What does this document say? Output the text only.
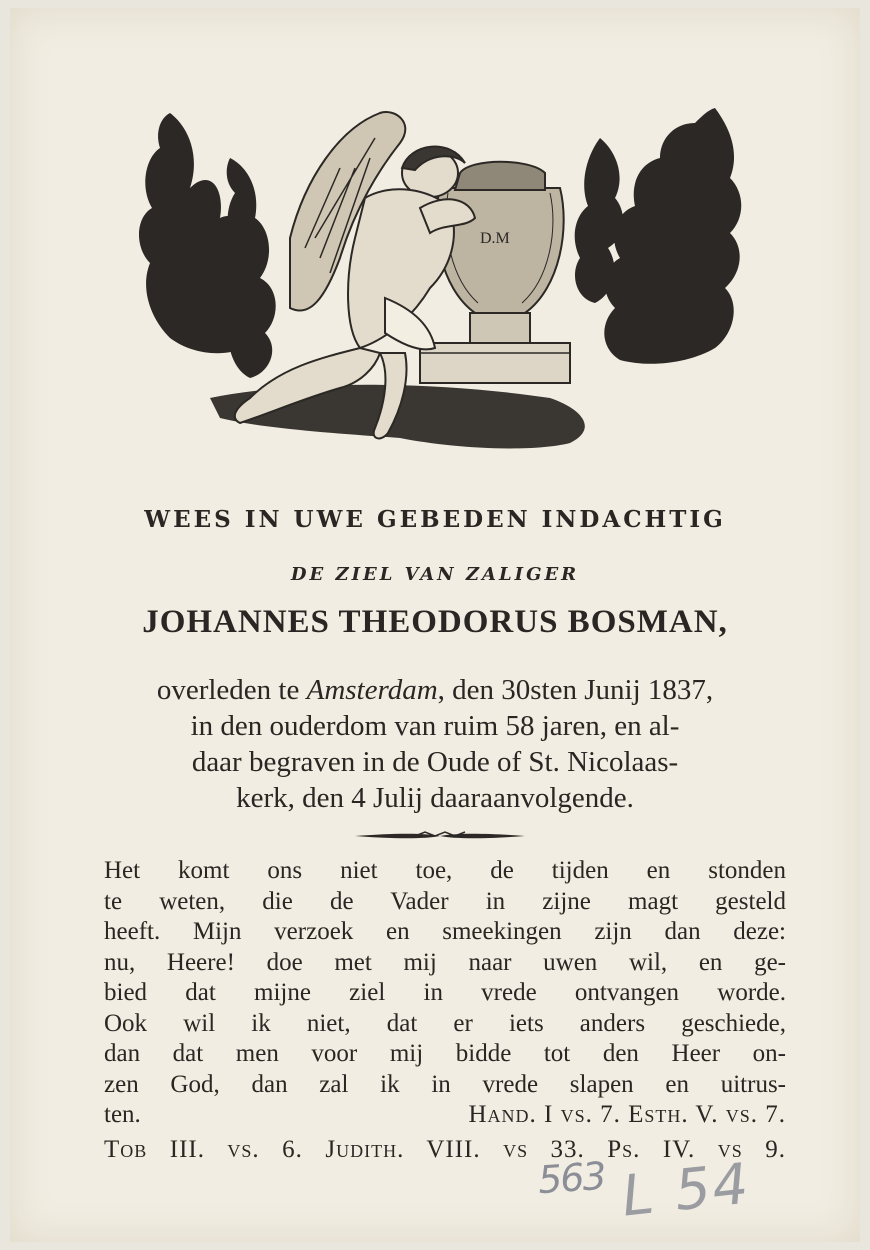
D.M
WEES IN UWE GEBEDEN INDACHTIG
DE ZIEL VAN ZALIGER
JOHANNES THEODORUS BOSMAN,
overleden te Amsterdam, den 30sten Junij 1837,
in den ouderdom van ruim 58 jaren, en al-
daar begraven in de Oude of St. Nicolaas-
kerk, den 4 Julij daaraanvolgende.
Het komt ons niet toe, de tijden en stonden
te weten, die de Vader in zijne magt gesteld
heeft. Mijn verzoek en smeekingen zijn dan deze:
nu, Heere! doe met mij naar uwen wil, en ge-
bied dat mijne ziel in vrede ontvangen worde.
Ook wil ik niet, dat er iets anders geschiede,
dan dat men voor mij bidde tot den Heer on-
zen God, dan zal ik in vrede slapen en uitrus-
ten.	Hand. I vs. 7. Esth. V. vs. 7.
Tob III. vs. 6. Judith. VIII. vs 33. Ps. IV. vs 9.
563 L 54
